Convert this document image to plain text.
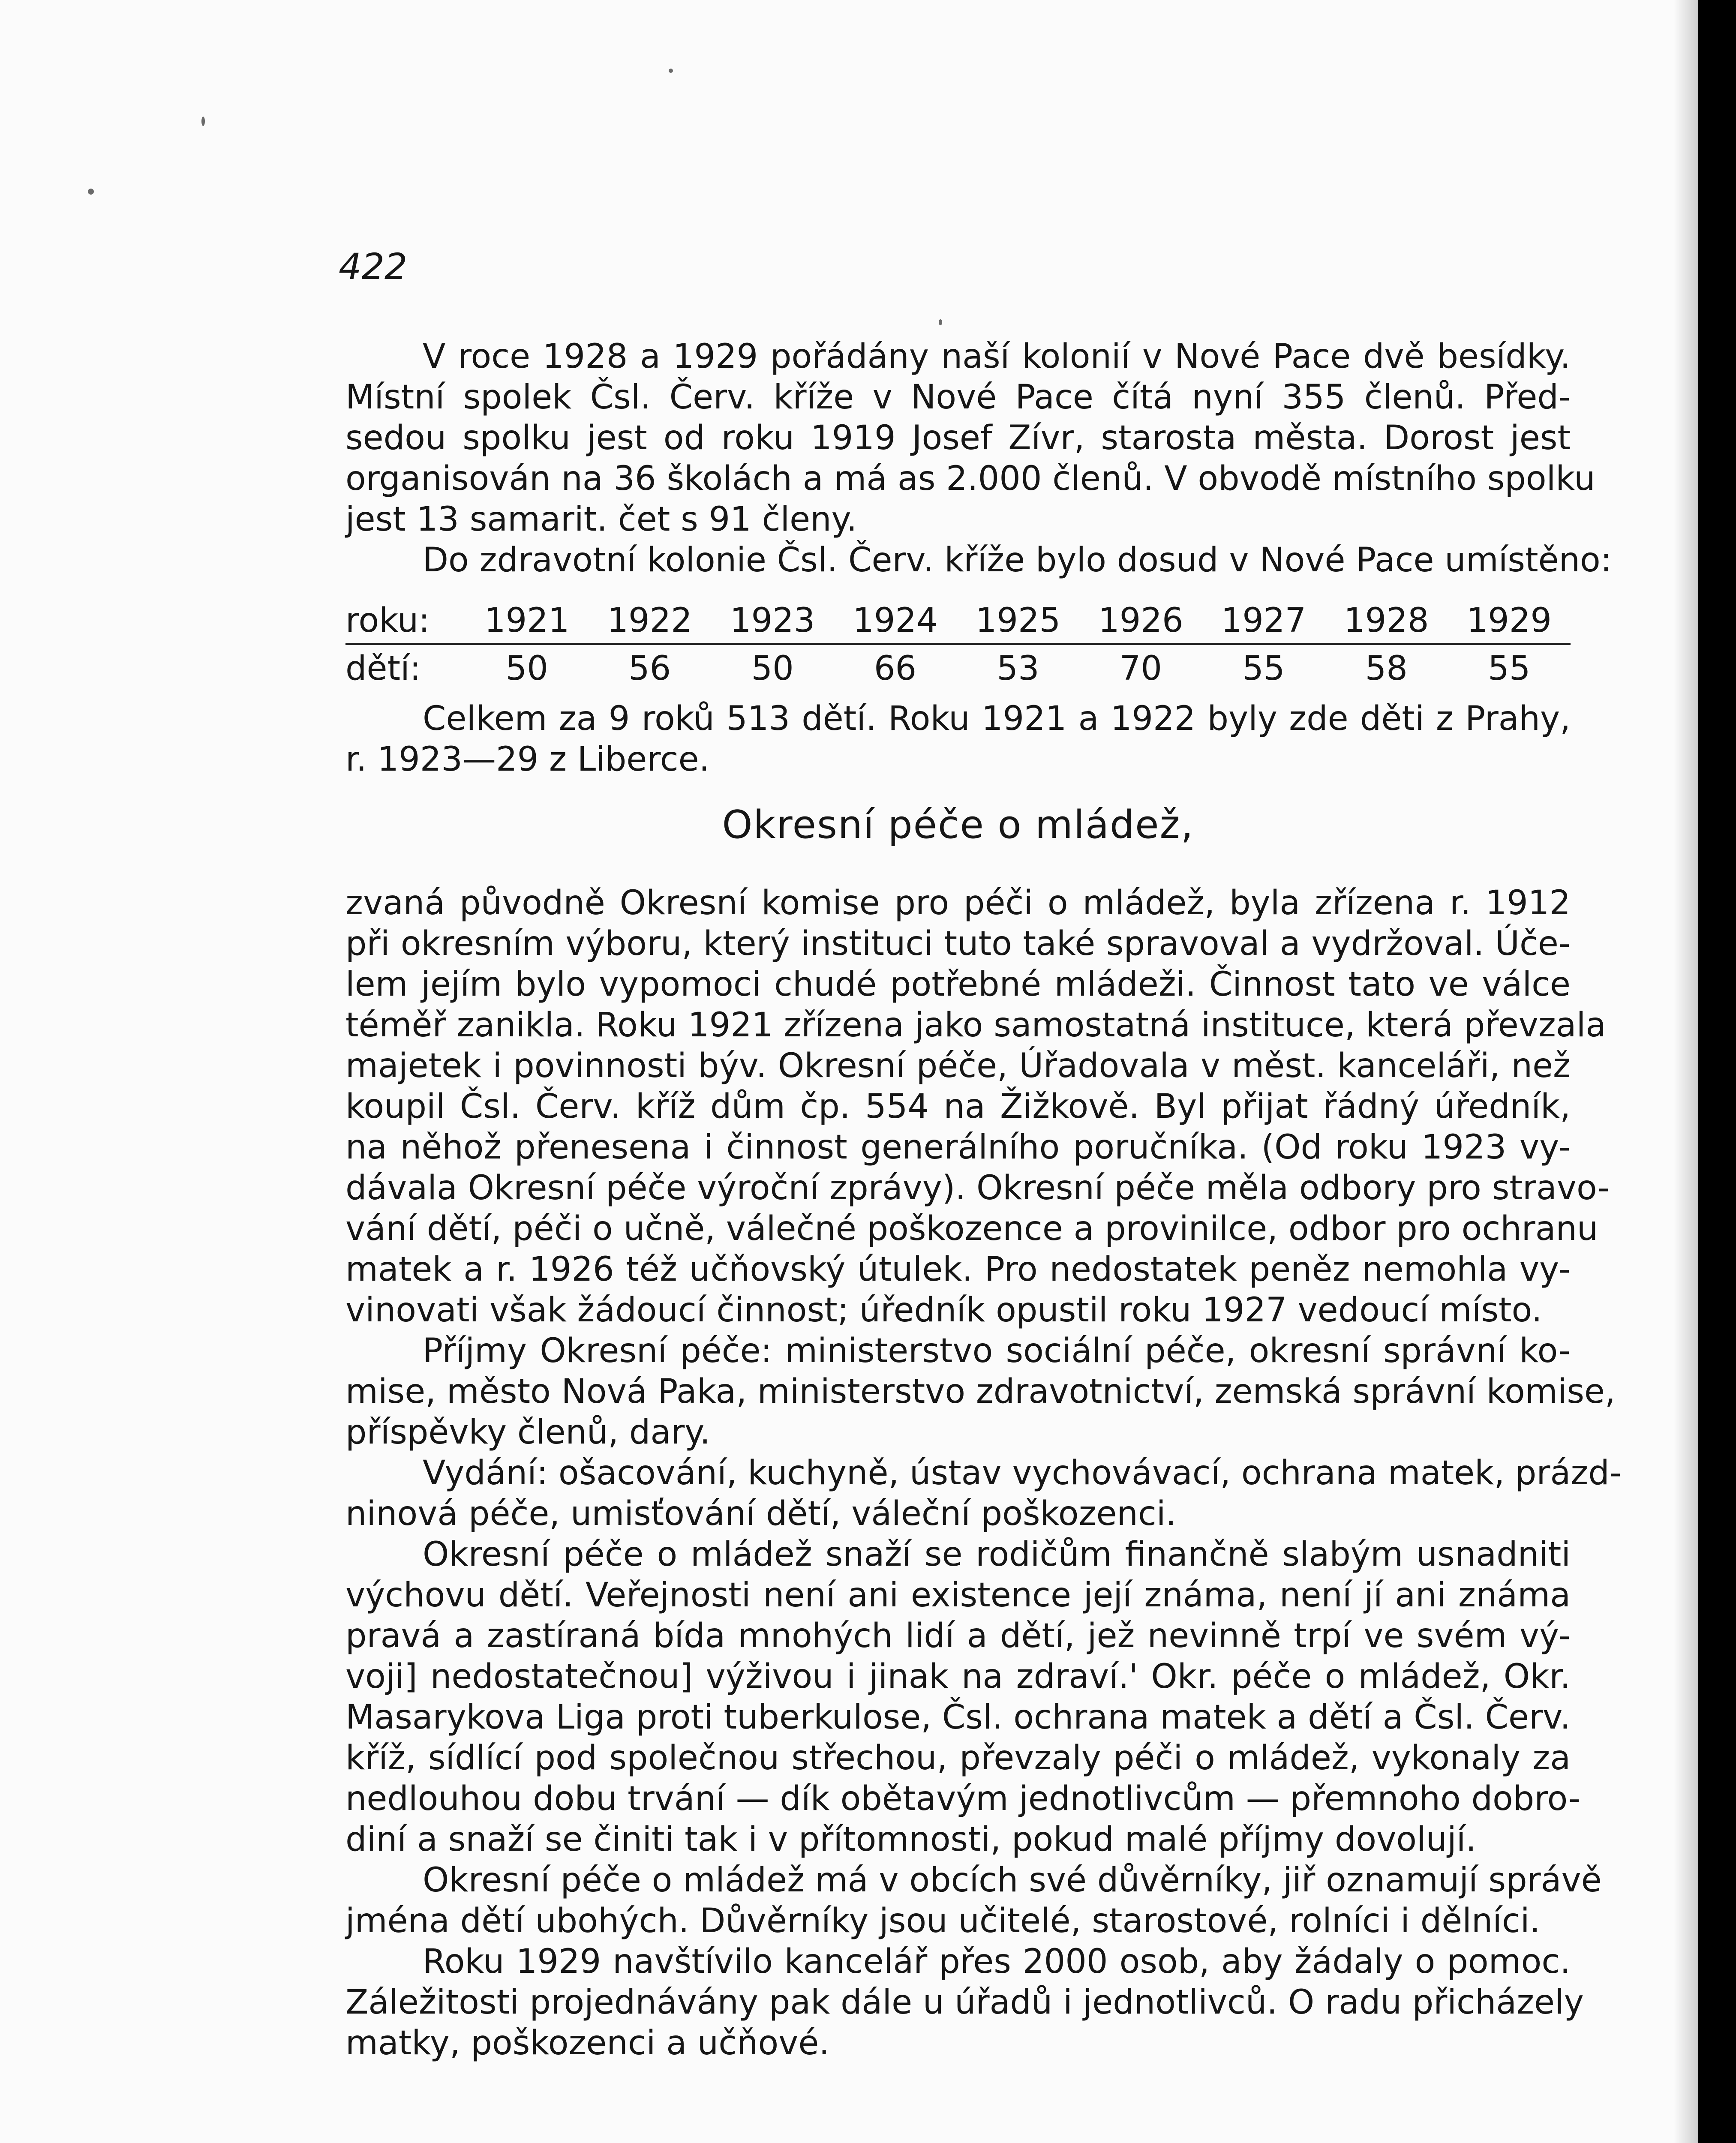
422
V roce 1928 a 1929 pořádány naší kolonií v Nové Pace dvě besídky.
Místní spolek Čsl. Červ. kříže v Nové Pace čítá nyní 355 členů. Před-
sedou spolku jest od roku 1919 Josef Zívr, starosta města. Dorost jest
organisován na 36 školách a má as 2.000 členů. V obvodě místního spolku
jest 13 samarit. čet s 91 členy.
Do zdravotní kolonie Čsl. Červ. kříže bylo dosud v Nové Pace umístěno:
roku:	1921	1922	1923	1924	1925	1926	1927	1928	1929
dětí:	50	56	50	66	53	70	55	58	55
Celkem za 9 roků 513 dětí. Roku 1921 a 1922 byly zde děti z Prahy,
r. 1923—29 z Liberce.
Okresní péče o mládež,
zvaná původně Okresní komise pro péči o mládež, byla zřízena r. 1912
při okresním výboru, který instituci tuto také spravoval a vydržoval. Úče-
lem jejím bylo vypomoci chudé potřebné mládeži. Činnost tato ve válce
téměř zanikla. Roku 1921 zřízena jako samostatná instituce, která převzala
majetek i povinnosti býv. Okresní péče, Úřadovala v měst. kanceláři, než
koupil Čsl. Červ. kříž dům čp. 554 na Žižkově. Byl přijat řádný úředník,
na něhož přenesena i činnost generálního poručníka. (Od roku 1923 vy-
dávala Okresní péče výroční zprávy). Okresní péče měla odbory pro stravo-
vání dětí, péči o učně, válečné poškozence a provinilce, odbor pro ochranu
matek a r. 1926 též učňovský útulek. Pro nedostatek peněz nemohla vy-
vinovati však žádoucí činnost; úředník opustil roku 1927 vedoucí místo.
Příjmy Okresní péče: ministerstvo sociální péče, okresní správní ko-
mise, město Nová Paka, ministerstvo zdravotnictví, zemská správní komise,
příspěvky členů, dary.
Vydání: ošacování, kuchyně, ústav vychovávací, ochrana matek, prázd-
ninová péče, umisťování dětí, váleční poškozenci.
Okresní péče o mládež snaží se rodičům finančně slabým usnadniti
výchovu dětí. Veřejnosti není ani existence její známa, není jí ani známa
pravá a zastíraná bída mnohých lidí a dětí, jež nevinně trpí ve svém vý-
voji] nedostatečnou] výživou i jinak na zdraví.' Okr. péče o mládež, Okr.
Masarykova Liga proti tuberkulose, Čsl. ochrana matek a dětí a Čsl. Červ.
kříž, sídlící pod společnou střechou, převzaly péči o mládež, vykonaly za
nedlouhou dobu trvání — dík obětavým jednotlivcům — přemnoho dobro-
diní a snaží se činiti tak i v přítomnosti, pokud malé příjmy dovolují.
Okresní péče o mládež má v obcích své důvěrníky, jiř oznamují správě
jména dětí ubohých. Důvěrníky jsou učitelé, starostové, rolníci i dělníci.
Roku 1929 navštívilo kancelář přes 2000 osob, aby žádaly o pomoc.
Záležitosti projednávány pak dále u úřadů i jednotlivců. O radu přicházely
matky, poškozenci a učňové.
